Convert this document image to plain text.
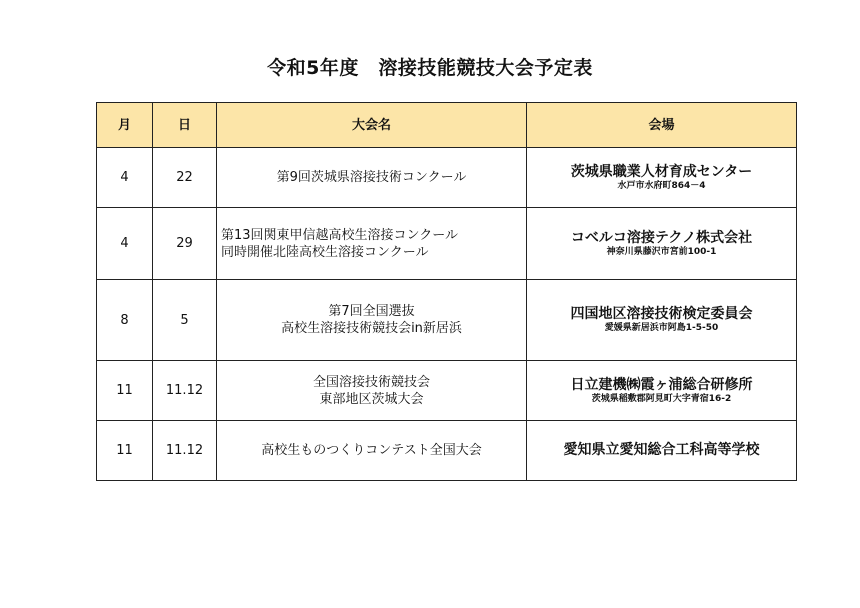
令和5年度　溶接技能競技大会予定表
月	日	大会名	会場
4	22	第9回茨城県溶接技術コンクール	茨城県職業人材育成センター
水戸市水府町864－4

4	29	第13回関東甲信越高校生溶接コンクール
同時開催北陸高校生溶接コンクール	コベルコ溶接テクノ株式会社
神奈川県藤沢市宮前100-1

8	5	第7回全国選抜
高校生溶接技術競技会in新居浜	四国地区溶接技術検定委員会
愛媛県新居浜市阿島1-5-50

11	11.12	全国溶接技術競技会
東部地区茨城大会	日立建機㈱霞ヶ浦総合研修所
茨城県稲敷郡阿見町大字青宿16-2

11	11.12	高校生ものつくりコンテスト全国大会	愛知県立愛知総合工科高等学校
